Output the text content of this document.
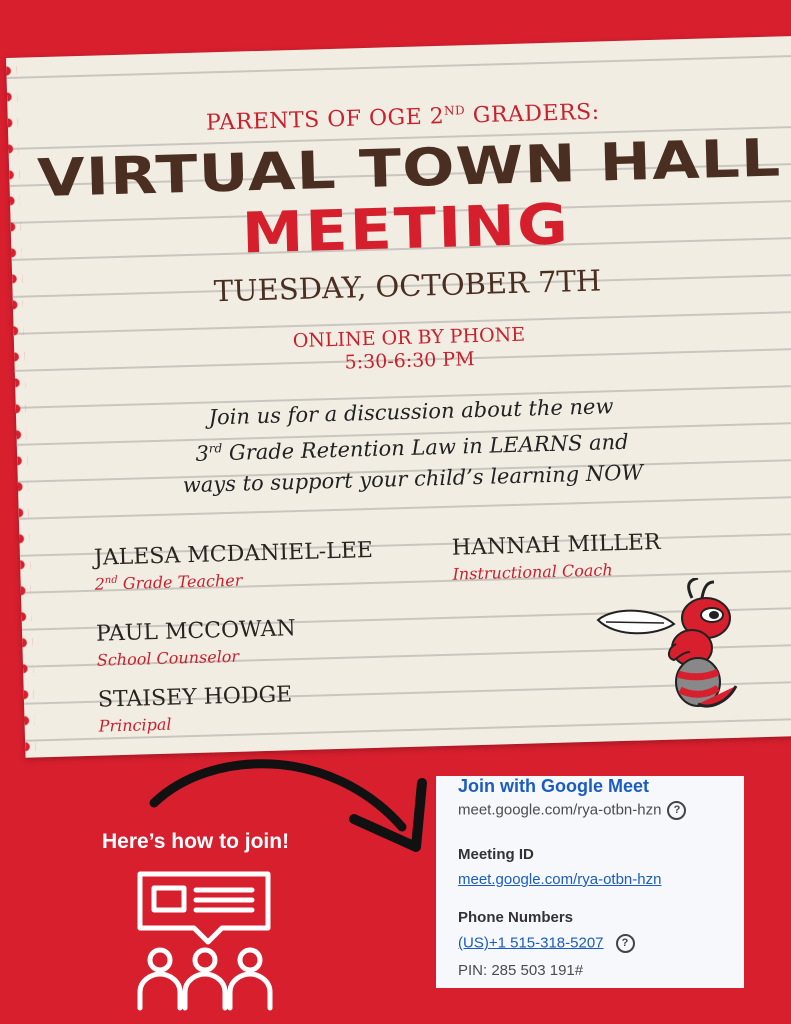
PARENTS OF OGE 2ND GRADERS:
VIRTUAL TOWN HALL
MEETING
TUESDAY, OCTOBER 7TH
ONLINE OR BY PHONE
5:30-6:30 PM
Join us for a discussion about the new
3rd Grade Retention Law in LEARNS and
ways to support your child’s learning NOW
JALESA MCDANIEL-LEE
2nd Grade Teacher
HANNAH MILLER
Instructional Coach
PAUL MCCOWAN
School Counselor
STAISEY HODGE
Principal
Here’s how to join!
Join with Google Meet
meet.google.com/rya-otbn-hzn ?
Meeting ID
meet.google.com/rya-otbn-hzn
Phone Numbers
(US)+1 515-318-5207 ?
PIN: 285 503 191#
